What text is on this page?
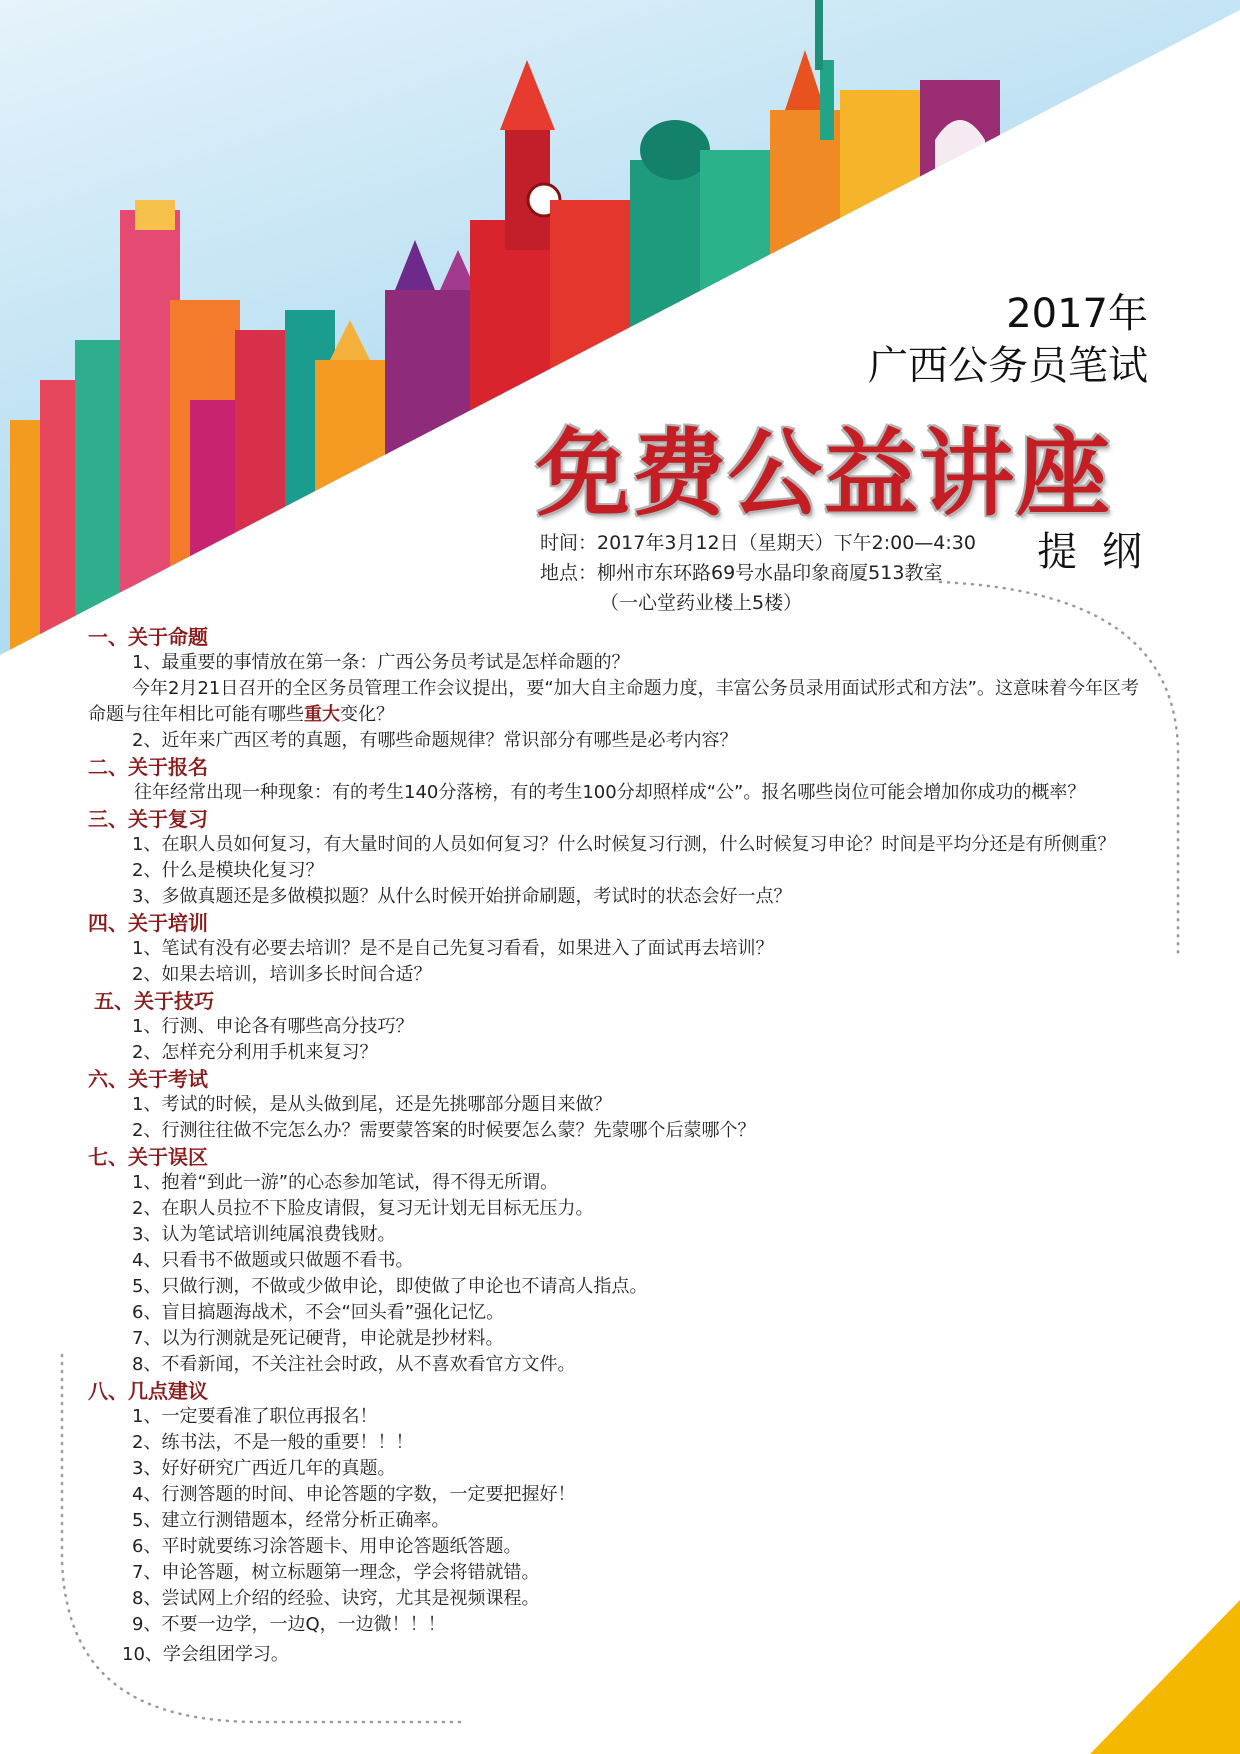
2017年
广西公务员笔试
免费公益讲座
提 纲
时间：2017年3月12日（星期天）下午2:00—4:30
地点：柳州市东环路69号水晶印象商厦513教室
（一心堂药业楼上5楼）

一、关于命题

1、最重要的事情放在第一条：广西公务员考试是怎样命题的？

今年2月21日召开的全区务员管理工作会议提出，要“加大自主命题力度，丰富公务员录用面试形式和方法”。这意味着今年区考命题与往年相比可能有哪些重大变化？

2、近年来广西区考的真题，有哪些命题规律？常识部分有哪些是必考内容？

二、关于报名

往年经常出现一种现象：有的考生140分落榜，有的考生100分却照样成“公”。报名哪些岗位可能会增加你成功的概率？

三、关于复习

1、在职人员如何复习，有大量时间的人员如何复习？什么时候复习行测，什么时候复习申论？时间是平均分还是有所侧重？

2、什么是模块化复习？

3、多做真题还是多做模拟题？从什么时候开始拼命刷题，考试时的状态会好一点？

四、关于培训

1、笔试有没有必要去培训？是不是自己先复习看看，如果进入了面试再去培训？

2、如果去培训，培训多长时间合适？

五、关于技巧

1、行测、申论各有哪些高分技巧？

2、怎样充分利用手机来复习？

六、关于考试

1、考试的时候，是从头做到尾，还是先挑哪部分题目来做？

2、行测往往做不完怎么办？需要蒙答案的时候要怎么蒙？先蒙哪个后蒙哪个？

七、关于误区

1、抱着“到此一游”的心态参加笔试，得不得无所谓。

2、在职人员拉不下脸皮请假，复习无计划无目标无压力。

3、认为笔试培训纯属浪费钱财。

4、只看书不做题或只做题不看书。

5、只做行测，不做或少做申论，即使做了申论也不请高人指点。

6、盲目搞题海战术，不会“回头看”强化记忆。

7、以为行测就是死记硬背，申论就是抄材料。

8、不看新闻，不关注社会时政，从不喜欢看官方文件。

八、几点建议

1、一定要看准了职位再报名！

2、练书法，不是一般的重要！！！

3、好好研究广西近几年的真题。

4、行测答题的时间、申论答题的字数，一定要把握好！

5、建立行测错题本，经常分析正确率。

6、平时就要练习涂答题卡、用申论答题纸答题。

7、申论答题，树立标题第一理念，学会将错就错。

8、尝试网上介绍的经验、诀窍，尤其是视频课程。

9、不要一边学，一边Q，一边微！！！

10、学会组团学习。
